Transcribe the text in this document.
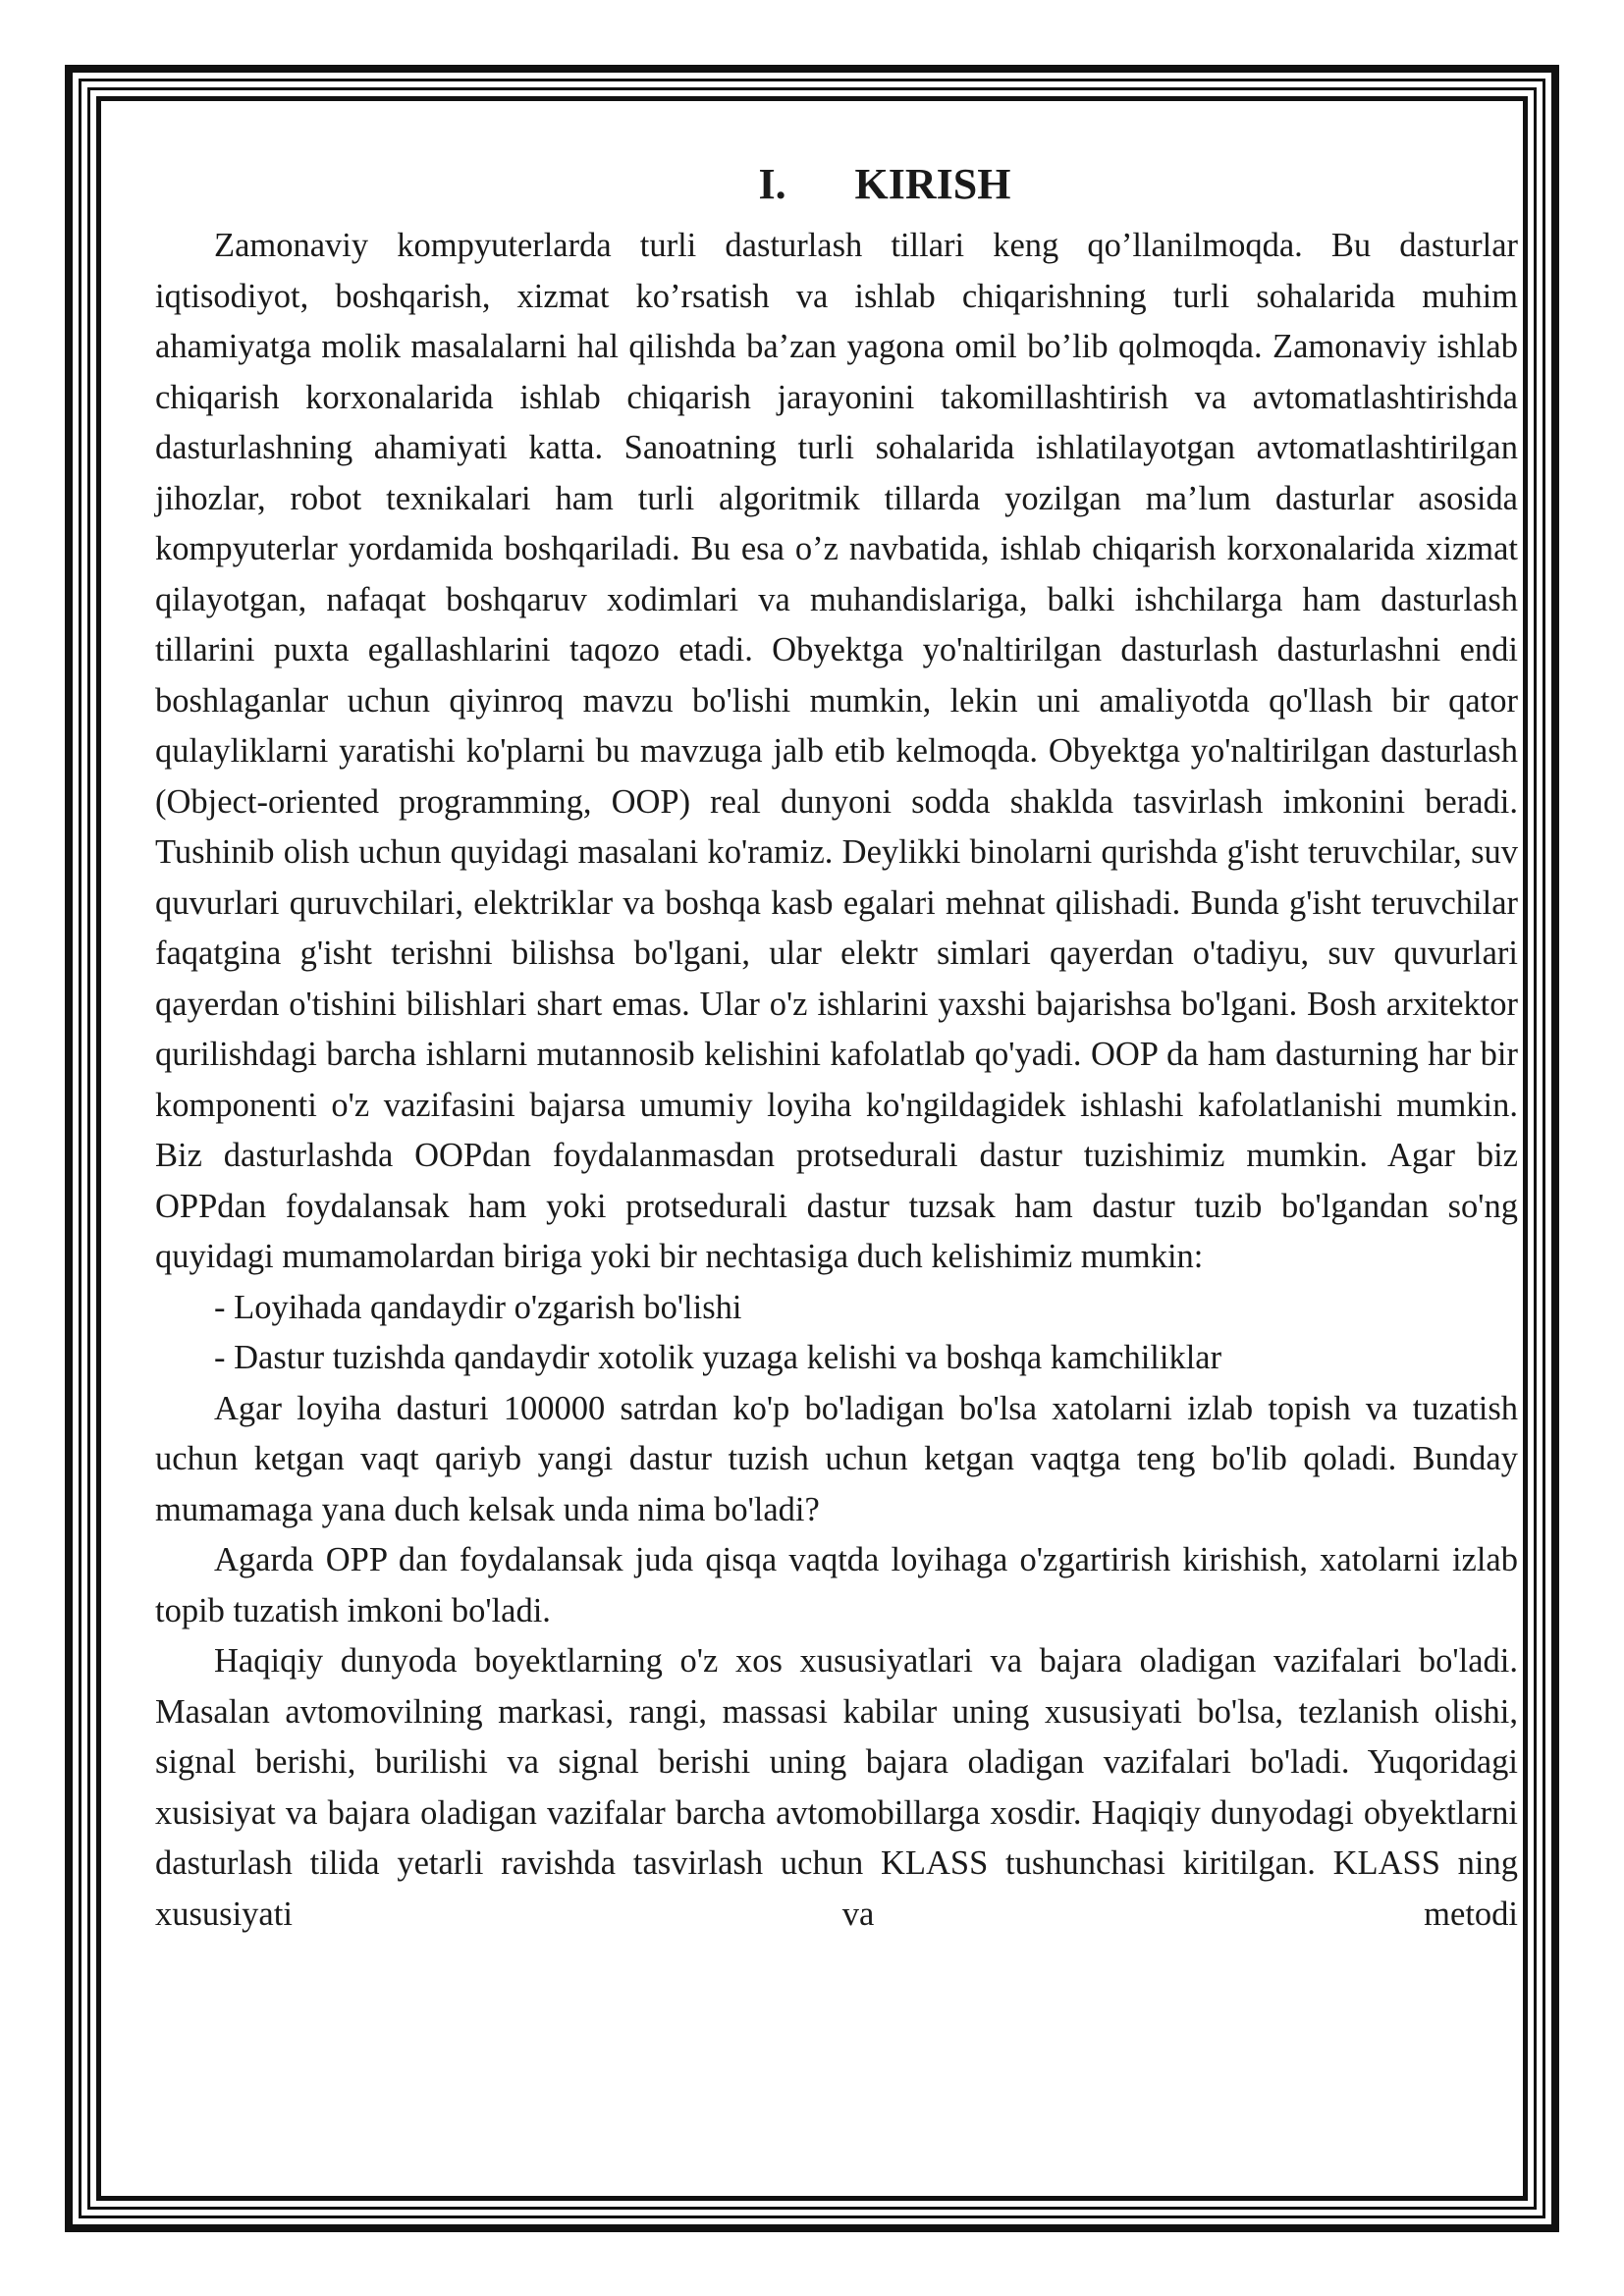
I. KIRISH

Zamonaviy kompyuterlarda turli dasturlash tillari keng qo’llanilmoqda. Bu dasturlar iqtisodiyot, boshqarish, xizmat ko’rsatish va ishlab chiqarishning turli sohalarida muhim ahamiyatga molik masalalarni hal qilishda ba’zan yagona omil bo’lib qolmoqda. Zamonaviy ishlab chiqarish korxonalarida ishlab chiqarish jarayonini takomillashtirish va avtomatlashtirishda dasturlashning ahamiyati katta. Sanoatning turli sohalarida ishlatilayotgan avtomatlashtirilgan jihozlar, robot texnikalari ham turli algoritmik tillarda yozilgan ma’lum dasturlar asosida kompyuterlar yordamida boshqariladi. Bu esa o’z navbatida, ishlab chiqarish korxonalarida xizmat qilayotgan, nafaqat boshqaruv xodimlari va muhandislariga, balki ishchilarga ham dasturlash tillarini puxta egallashlarini taqozo etadi. Obyektga yo'naltirilgan dasturlash dasturlashni endi boshlaganlar uchun qiyinroq mavzu bo'lishi mumkin, lekin uni amaliyotda qo'llash bir qator qulayliklarni yaratishi ko'plarni bu mavzuga jalb etib kelmoqda. Obyektga yo'naltirilgan dasturlash (Object-oriented programming, OOP) real dunyoni sodda shaklda tasvirlash imkonini beradi. Tushinib olish uchun quyidagi masalani ko'ramiz. Deylikki binolarni qurishda g'isht teruvchilar, suv quvurlari quruvchilari, elektriklar va boshqa kasb egalari mehnat qilishadi. Bunda g'isht teruvchilar faqatgina g'isht terishni bilishsa bo'lgani, ular elektr simlari qayerdan o'tadiyu, suv quvurlari qayerdan o'tishini bilishlari shart emas. Ular o'z ishlarini yaxshi bajarishsa bo'lgani. Bosh arxitektor qurilishdagi barcha ishlarni mutannosib kelishini kafolatlab qo'yadi. OOP da ham dasturning har bir komponenti o'z vazifasini bajarsa umumiy loyiha ko'ngildagidek ishlashi kafolatlanishi mumkin. Biz dasturlashda OOPdan foydalanmasdan protsedurali dastur tuzishimiz mumkin. Agar biz OPPdan foydalansak ham yoki protsedurali dastur tuzsak ham dastur tuzib bo'lgandan so'ng quyidagi mumamolardan biriga yoki bir nechtasiga duch kelishimiz mumkin:

- Loyihada qandaydir o'zgarish bo'lishi

- Dastur tuzishda qandaydir xotolik yuzaga kelishi va boshqa kamchiliklar

Agar loyiha dasturi 100000 satrdan ko'p bo'ladigan bo'lsa xatolarni izlab topish va tuzatish uchun ketgan vaqt qariyb yangi dastur tuzish uchun ketgan vaqtga teng bo'lib qoladi. Bunday mumamaga yana duch kelsak unda nima bo'ladi?

Agarda OPP dan foydalansak juda qisqa vaqtda loyihaga o'zgartirish kirishish, xatolarni izlab topib tuzatish imkoni bo'ladi.

Haqiqiy dunyoda boyektlarning o'z xos xususiyatlari va bajara oladigan vazifalari bo'ladi. Masalan avtomovilning markasi, rangi, massasi kabilar uning xususiyati bo'lsa, tezlanish olishi, signal berishi, burilishi va signal berishi uning bajara oladigan vazifalari bo'ladi. Yuqoridagi xusisiyat va bajara oladigan vazifalar barcha avtomobillarga xosdir. Haqiqiy dunyodagi obyektlarni dasturlash tilida yetarli ravishda tasvirlash uchun KLASS tushunchasi kiritilgan. KLASS ning xususiyati va metodi
